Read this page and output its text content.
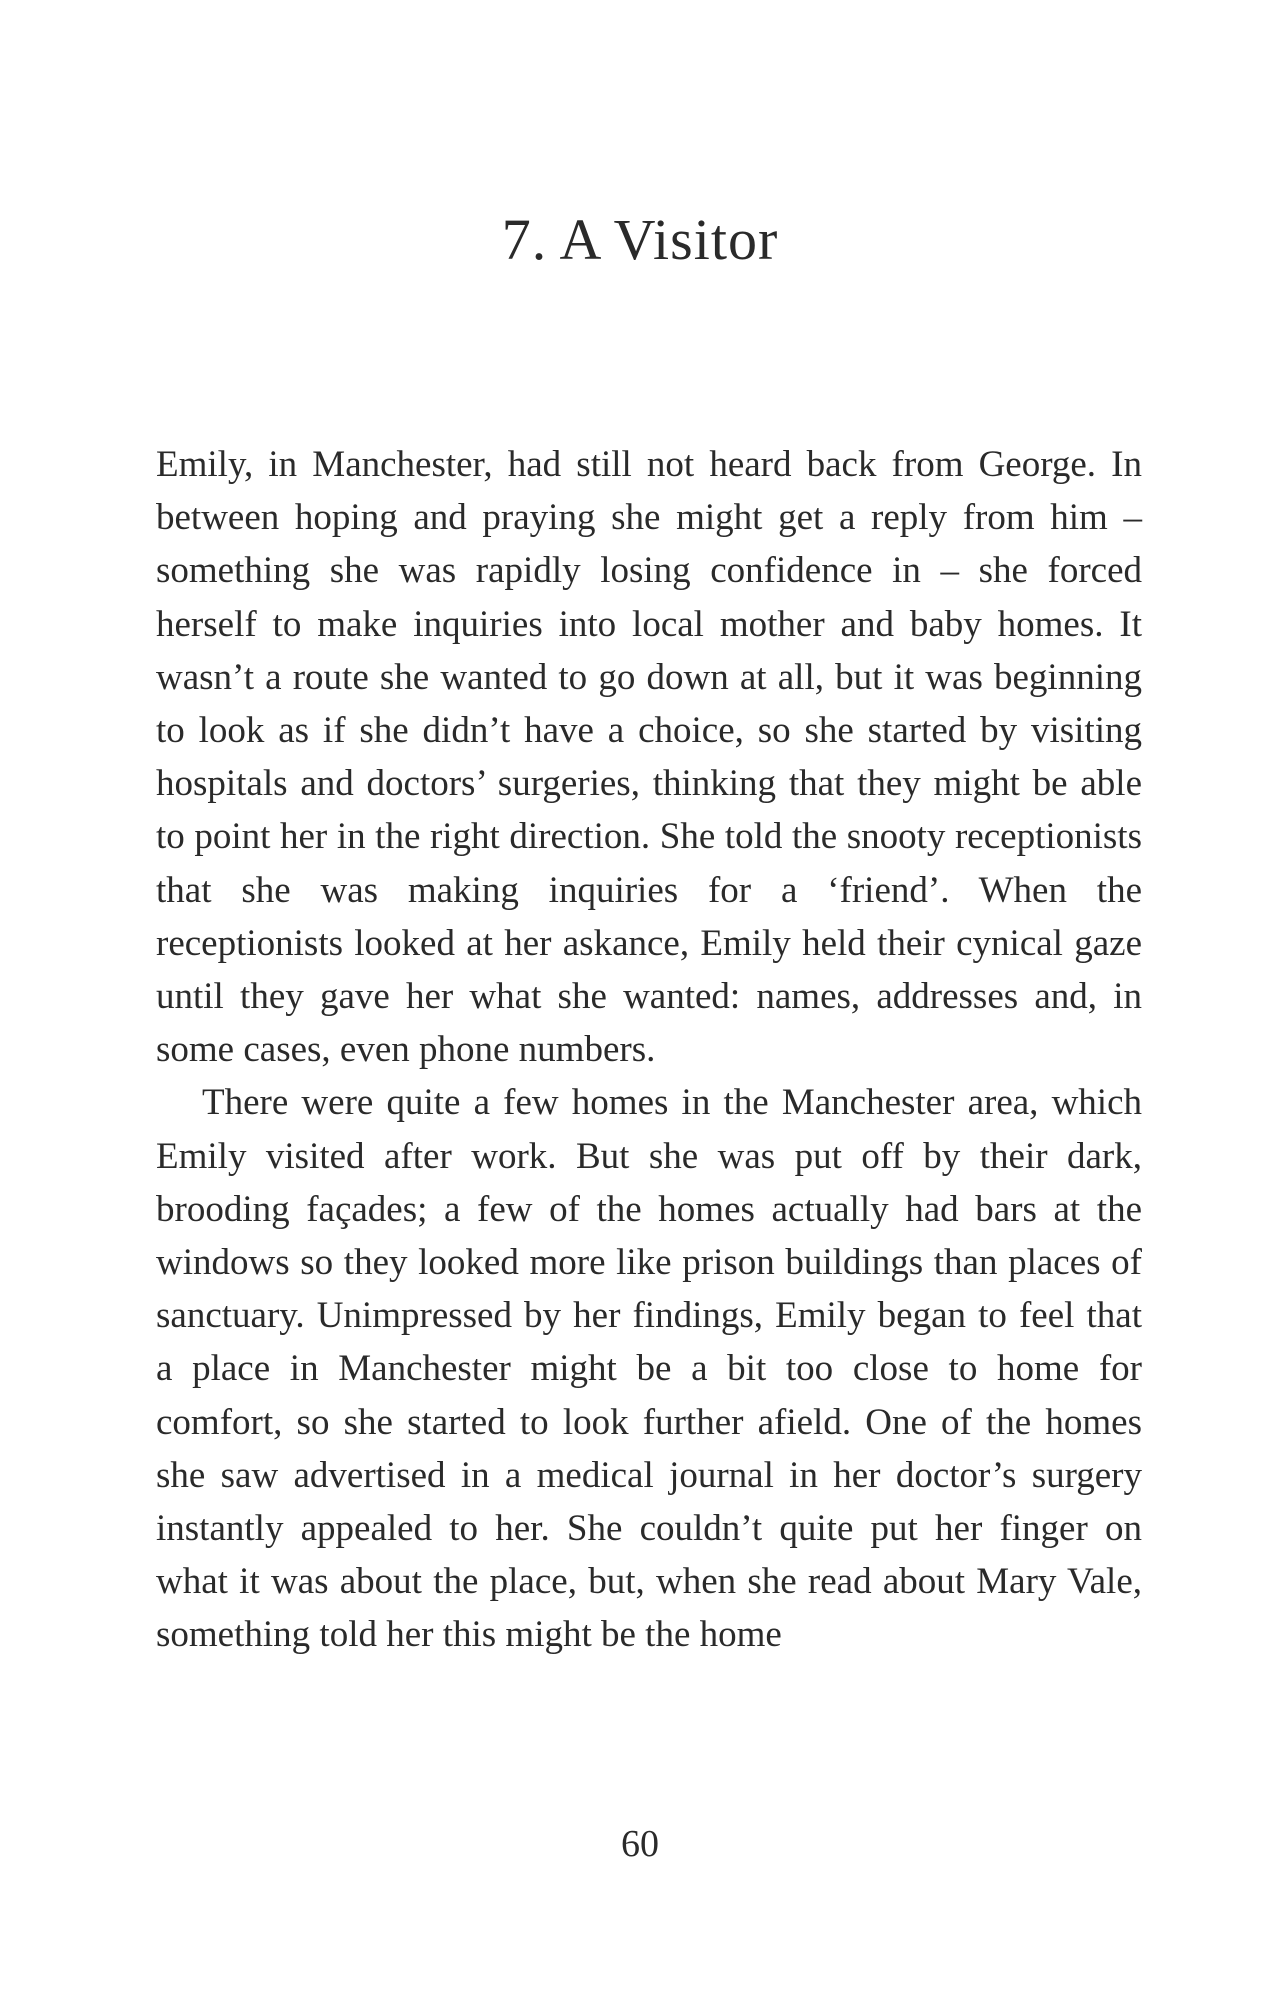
7. A Visitor

Emily, in Manchester, had still not heard back from George. In between hoping and praying she might get a reply from him – something she was rapidly losing confidence in – she forced herself to make inquiries into local mother and baby homes. It wasn’t a route she wanted to go down at all, but it was beginning to look as if she didn’t have a choice, so she started by visiting hospitals and doctors’ surgeries, thinking that they might be able to point her in the right direction. She told the snooty receptionists that she was making inquiries for a ‘friend’. When the receptionists looked at her askance, Emily held their cynical gaze until they gave her what she wanted: names, addresses and, in some cases, even phone numbers.

There were quite a few homes in the Manchester area, which Emily visited after work. But she was put off by their dark, brooding façades; a few of the homes actually had bars at the windows so they looked more like prison buildings than places of sanctuary. Unimpressed by her findings, Emily began to feel that a place in Manchester might be a bit too close to home for comfort, so she started to look further afield. One of the homes she saw advertised in a medical journal in her doctor’s surgery instantly appealed to her. She couldn’t quite put her finger on what it was about the place, but, when she read about Mary Vale, something told her this might be the home

60
